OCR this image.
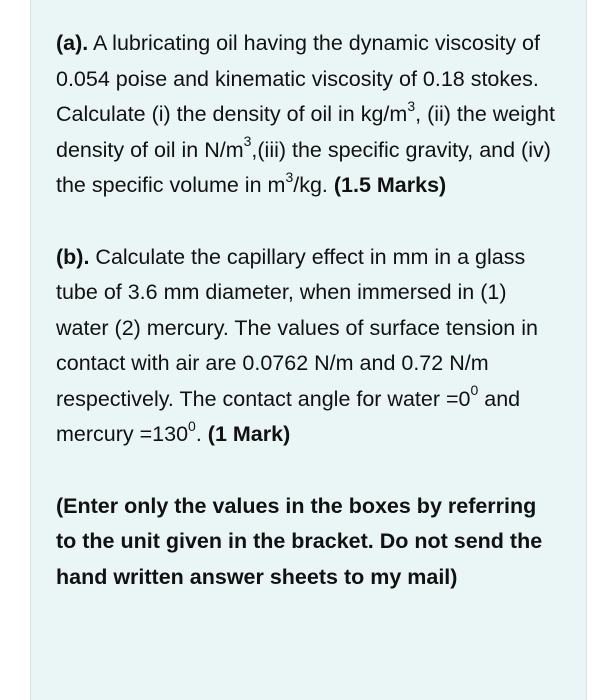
(a). A lubricating oil having the dynamic viscosity of 0.054 poise and kinematic viscosity of 0.18 stokes. Calculate (i) the density of oil in $kg/m^3$, (ii) the weight density of oil in $N/m^3,(iii)$ the specific gravity, and (iv) the specific volume in $m^3/kg$. (1.5 Marks)

(b). Calculate the capillary effect in mm in a glass tube of 3.6 mm diameter, when immersed in (1) water (2) mercury. The values of surface tension in contact with air are 0.0762 N/m and 0.72 N/m respectively. The contact angle for water $=0^0$ and mercury $=130^0$. (1 Mark)

(Enter only the values in the boxes by referring to the unit given in the bracket. Do not send the hand written answer sheets to my mail)
